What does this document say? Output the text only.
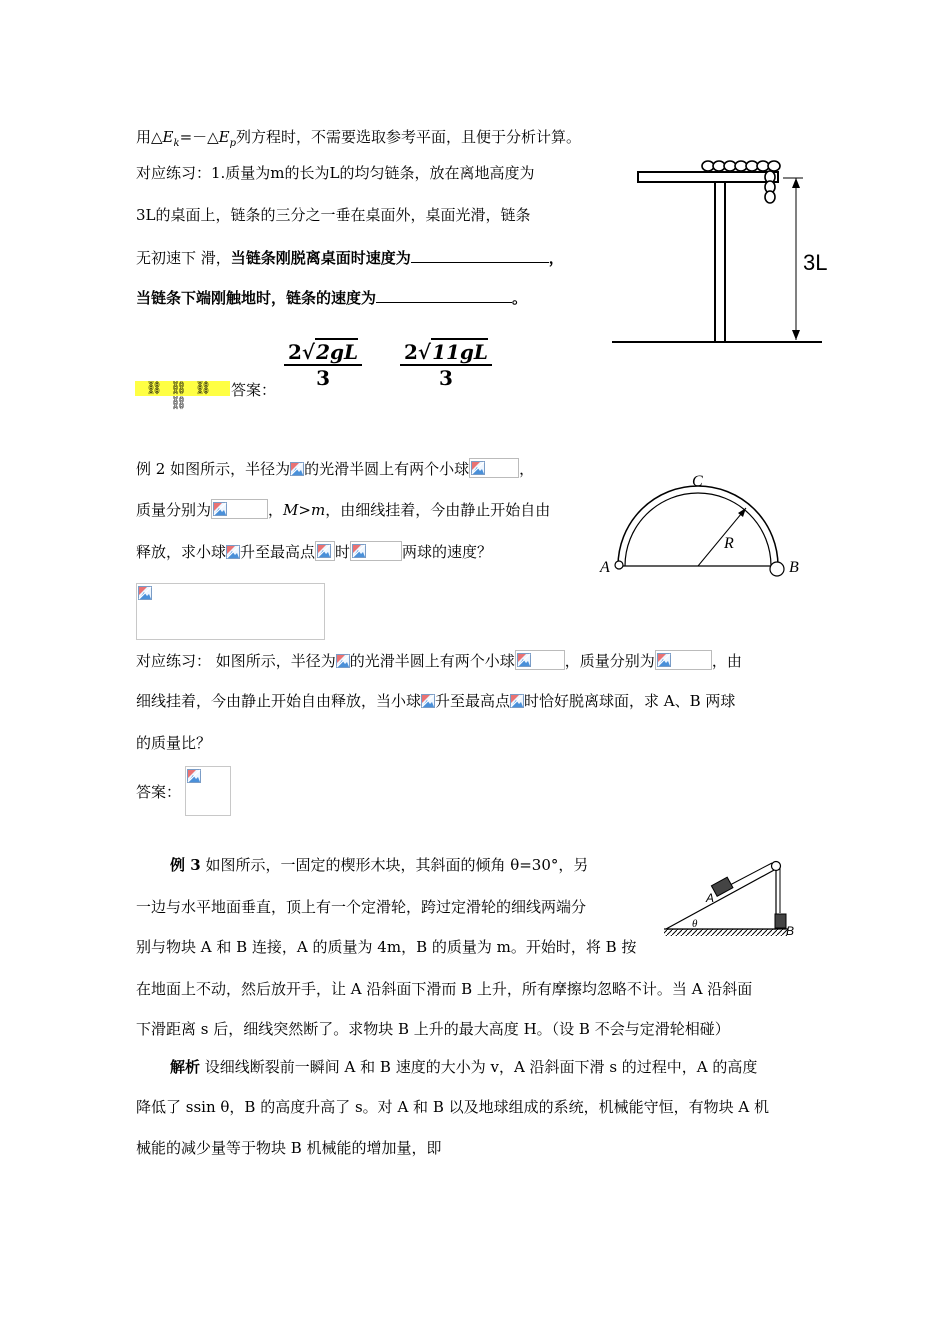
用$\triangle E_k=-\triangle E_p$列方程时，不需要选取参考平面，且便于分析计算。
对应练习：1.质量为m的长为L的均匀链条，放在离地高度为
3L的桌面上，链条的三分之一垂在桌面外，桌面光滑，链条
无初速下 滑，当链条刚脱离桌面时速度为	，
当链条下端刚触地时，链条的速度为	。
3L
⛓⛓⛓⛓
答案： $\frac{2√2gL}{3} \frac{2√11gL}{3}$
例 2 如图所示，半径为 的光滑半圆上有两个小球	，
质量分别为	，M>m，由细线挂着，今由静止开始自由
释放，求小球 升至最高点 时	两球的速度？
C
R
A	B
对应练习： 如图所示，半径为 的光滑半圆上有两个小球	，质量分别为	，由
细线挂着，今由静止开始自由释放，当小球 升至最高点 时恰好脱离球面，求 A、B 两球
的质量比？
答案：
例 3 如图所示，一固定的楔形木块，其斜面的倾角 θ=30°，另
一边与水平地面垂直，顶上有一个定滑轮，跨过定滑轮的细线两端分
别与物块 A 和 B 连接，A 的质量为 4m，B 的质量为 m。开始时，将 B 按
在地面上不动，然后放开手，让 A 沿斜面下滑而 B 上升，所有摩擦均忽略不计。当 A 沿斜面
下滑距离 s 后，细线突然断了。求物块 B 上升的最大高度 H。（设 B 不会与定滑轮相碰）
A
B
θ
解析 设细线断裂前一瞬间 A 和 B 速度的大小为 v，A 沿斜面下滑 s 的过程中，A 的高度
降低了 ssin θ，B 的高度升高了 s。对 A 和 B 以及地球组成的系统，机械能守恒，有物块 A 机
械能的减少量等于物块 B 机械能的增加量，即
